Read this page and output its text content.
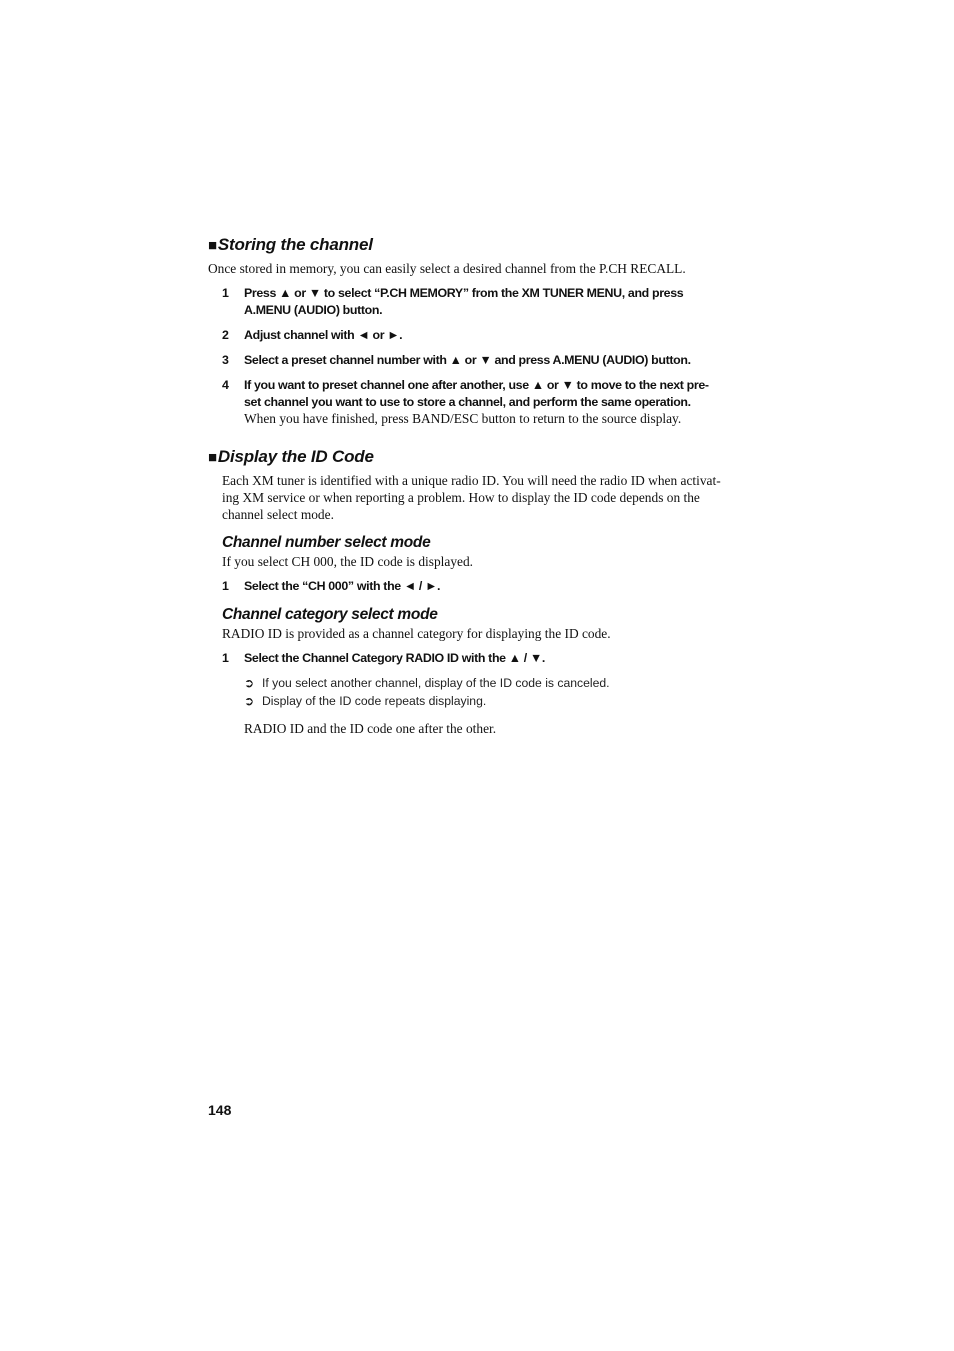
■Storing the channel

Once stored in memory, you can easily select a desired channel from the P.CH RECALL.

1 Press ▲ or ▼ to select “P.CH MEMORY” from the XM TUNER MENU, and press
A.MENU (AUDIO) button.
2 Adjust channel with ◄ or ►.
3 Select a preset channel number with ▲ or ▼ and press A.MENU (AUDIO) button.
4 If you want to preset channel one after another, use ▲ or ▼ to move to the next pre-
set channel you want to use to store a channel, and perform the same operation.
When you have finished, press BAND/ESC button to return to the source display.
■Display the ID Code

Each XM tuner is identified with a unique radio ID. You will need the radio ID when activat-

ing XM service or when reporting a problem. How to display the ID code depends on the

channel select mode.

Channel number select mode

If you select CH 000, the ID code is displayed.

1 Select the “CH 000” with the ◄ / ►.
Channel category select mode

RADIO ID is provided as a channel category for displaying the ID code.

1 Select the Channel Category RADIO ID with the ▲ / ▼.
➲ If you select another channel, display of the ID code is canceled.
➲ Display of the ID code repeats displaying.

RADIO ID and the ID code one after the other.

148
